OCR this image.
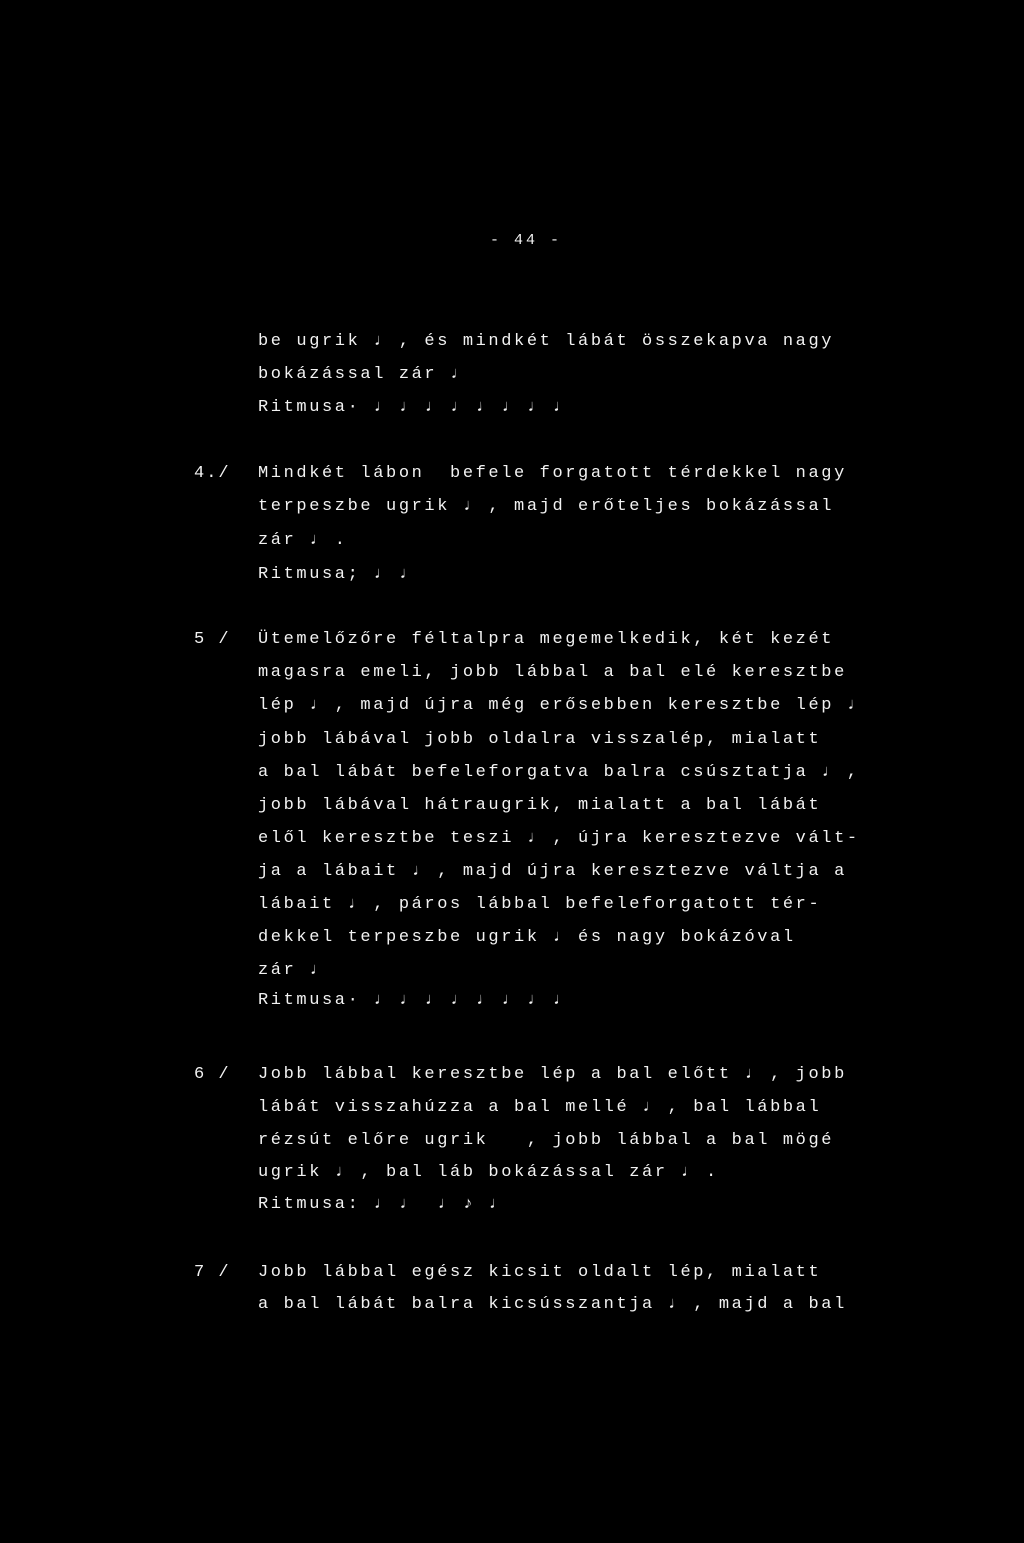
- 44 -
be ugrik ♩ , és mindkét lábát összekapva nagy
bokázással zár ♩
Ritmusa· ♩ ♩ ♩ ♩ ♩ ♩ ♩ ♩
4./ Mindkét lábon  befele forgatott térdekkel nagy
terpeszbe ugrik ♩ , majd erőteljes bokázással
zár ♩ .
Ritmusa; ♩ ♩
5 / Ütemelőzőre féltalpra megemelkedik, két kezét
magasra emeli, jobb lábbal a bal elé keresztbe
lép ♩ , majd újra még erősebben keresztbe lép ♩
jobb lábával jobb oldalra visszalép, mialatt
a bal lábát befeleforgatva balra csúsztatja ♩ ,
jobb lábával hátraugrik, mialatt a bal lábát
elől keresztbe teszi ♩ , újra keresztezve vált-
ja a lábait ♩ , majd újra keresztezve váltja a
lábait ♩ , páros lábbal befeleforgatott tér-
dekkel terpeszbe ugrik ♩ és nagy bokázóval
zár ♩
Ritmusa· ♩ ♩ ♩ ♩ ♩ ♩ ♩ ♩
6 / Jobb lábbal keresztbe lép a bal előtt ♩ , jobb
lábát visszahúzza a bal mellé ♩ , bal lábbal
rézsút előre ugrik   , jobb lábbal a bal mögé
ugrik ♩ , bal láb bokázással zár ♩ .
Ritmusa: ♩ ♩  ♩ ♪ ♩
7 / Jobb lábbal egész kicsit oldalt lép, mialatt
a bal lábát balra kicsússzantja ♩ , majd a bal
